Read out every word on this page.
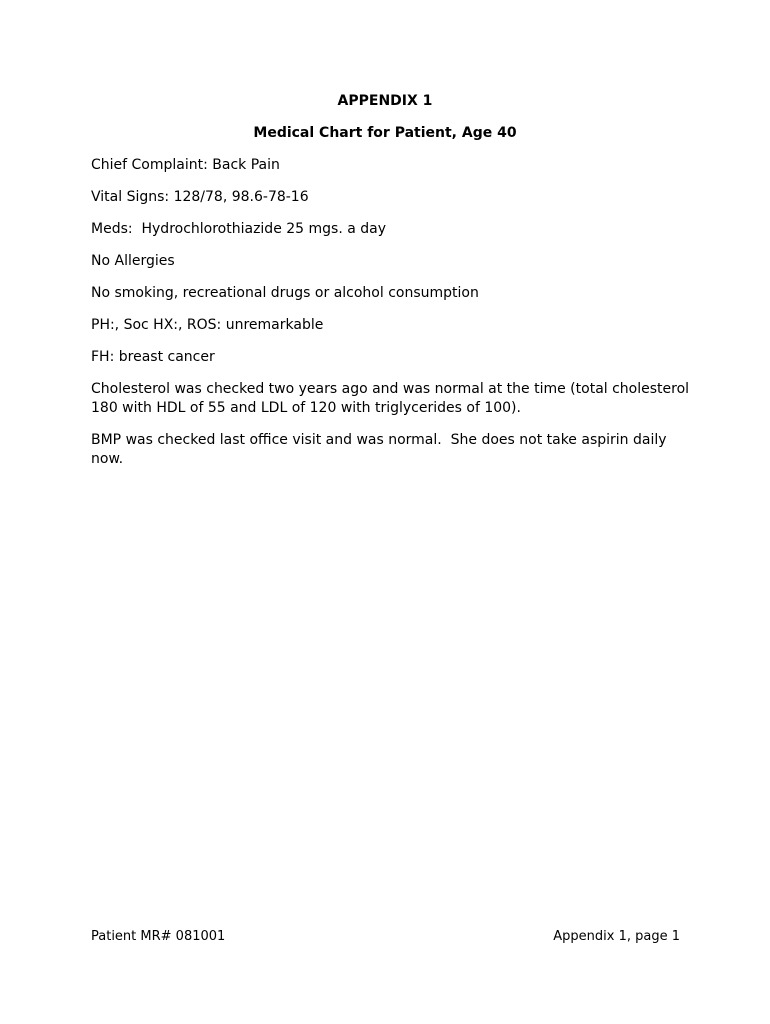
APPENDIX 1
Medical Chart for Patient, Age 40

Chief Complaint: Back Pain

Vital Signs: 128/78, 98.6-78-16

Meds:  Hydrochlorothiazide 25 mgs. a day

No Allergies

No smoking, recreational drugs or alcohol consumption

PH:, Soc HX:, ROS: unremarkable

FH: breast cancer

Cholesterol was checked two years ago and was normal at the time (total cholesterol 180 with HDL of 55 and LDL of 120 with triglycerides of 100).

BMP was checked last office visit and was normal.  She does not take aspirin daily now.

Patient MR# 081001	Appendix 1, page 1
